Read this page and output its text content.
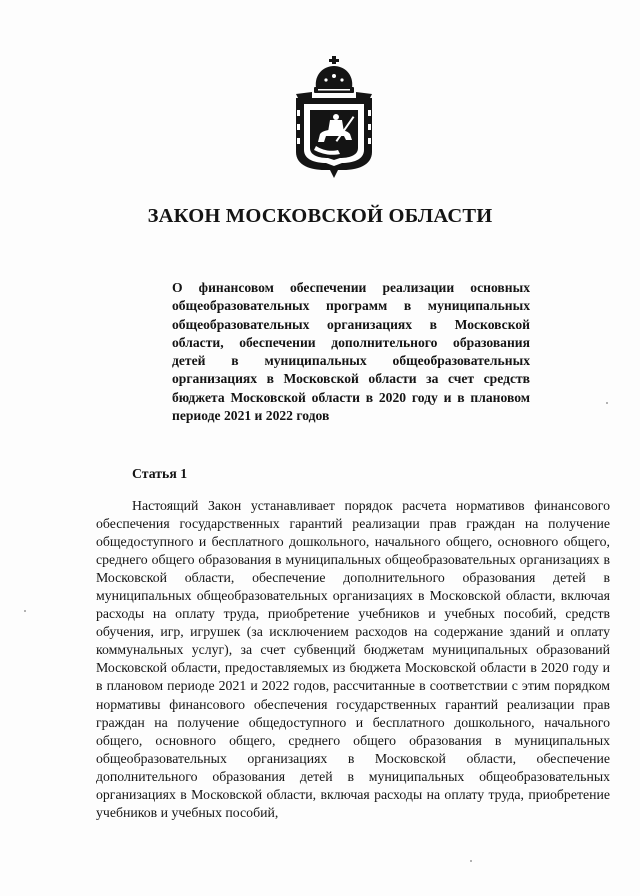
ЗАКОН МОСКОВСКОЙ ОБЛАСТИ
О финансовом обеспечении реализации основных общеобразовательных программ в муниципальных общеобразовательных организациях в Московской области, обеспечении дополнительного образования детей в муниципальных общеобразовательных организациях в Московской области за счет средств бюджета Московской области в 2020 году и в плановом периоде 2021 и 2022 годов
Статья 1

Настоящий Закон устанавливает порядок расчета нормативов финансового обеспечения государственных гарантий реализации прав граждан на получение общедоступного и бесплатного дошкольного, начального общего, основного общего, среднего общего образования в муниципальных общеобразовательных организациях в Московской области, обеспечение дополнительного образования детей в муниципальных общеобразовательных организациях в Московской области, включая расходы на оплату труда, приобретение учебников и учебных пособий, средств обучения, игр, игрушек (за исключением расходов на содержание зданий и оплату коммунальных услуг), за счет субвенций бюджетам муниципальных образований Московской области, предоставляемых из бюджета Московской области в 2020 году и в плановом периоде 2021 и 2022 годов, рассчитанные в соответствии с этим порядком нормативы финансового обеспечения государственных гарантий реализации прав граждан на получение общедоступного и бесплатного дошкольного, начального общего, основного общего, среднего общего образования в муниципальных общеобразовательных организациях в Московской области, обеспечение дополнительного образования детей в муниципальных общеобразовательных организациях в Московской области, включая расходы на оплату труда, приобретение учебников и учебных пособий,
